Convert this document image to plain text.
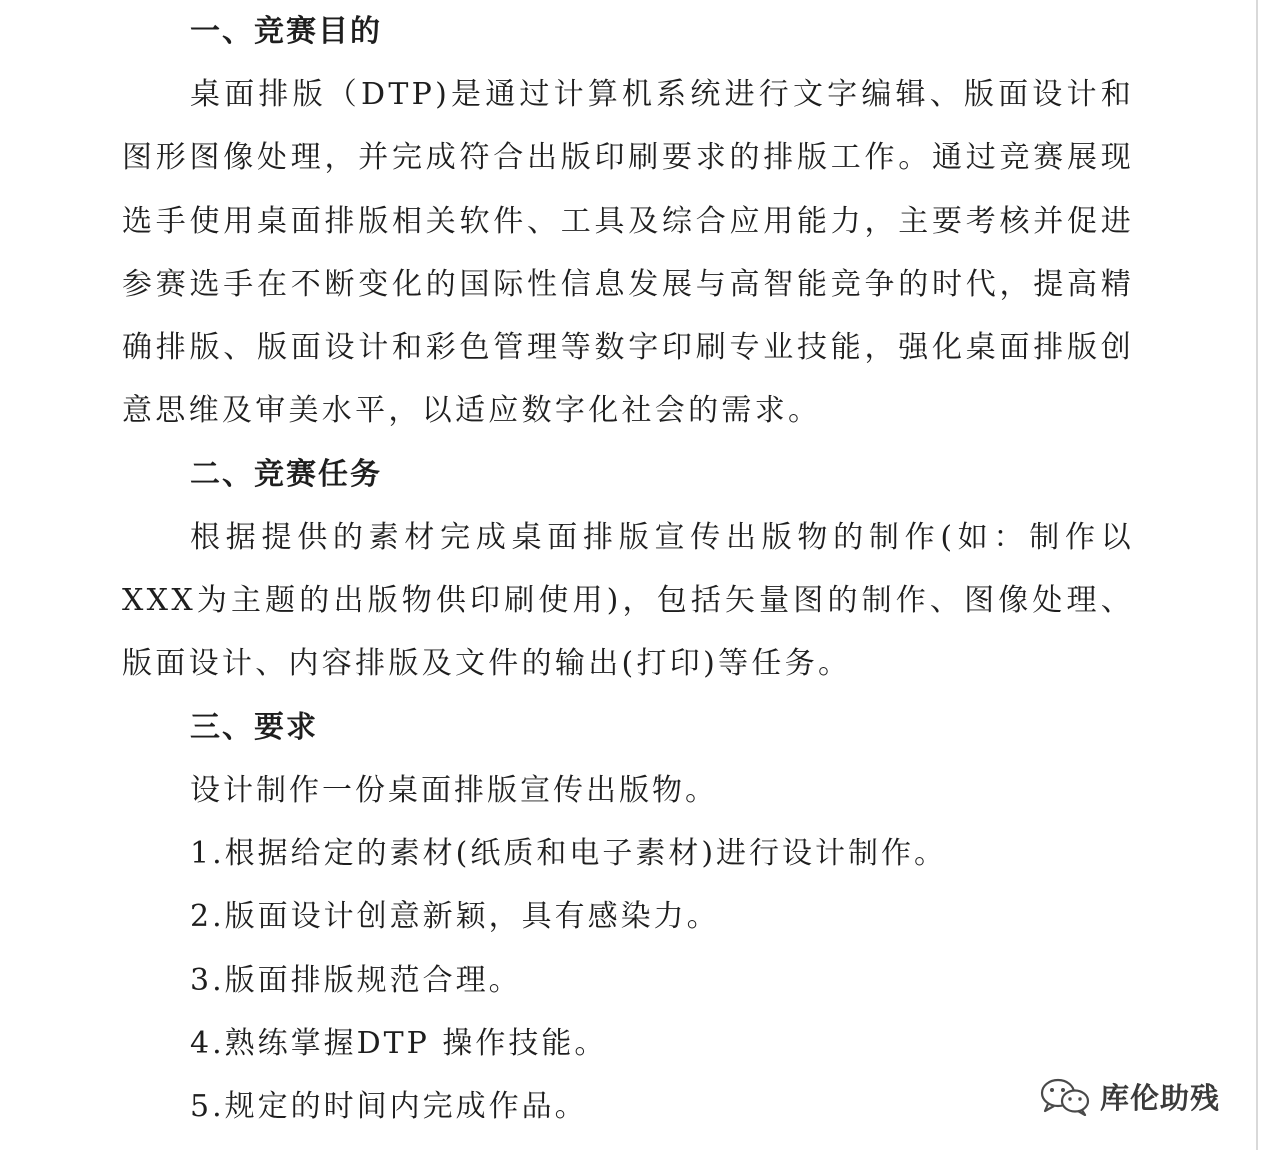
一、竞赛目的

桌面排版（DTP)是通过计算机系统进行文字编辑、版面设计和图形图像处理，并完成符合出版印刷要求的排版工作。通过竞赛展现选手使用桌面排版相关软件、工具及综合应用能力，主要考核并促进参赛选手在不断变化的国际性信息发展与高智能竞争的时代，提高精确排版、版面设计和彩色管理等数字印刷专业技能，强化桌面排版创意思维及审美水平，以适应数字化社会的需求。

二、竞赛任务

根据提供的素材完成桌面排版宣传出版物的制作(如：制作以XXX为主题的出版物供印刷使用)，包括矢量图的制作、图像处理、版面设计、内容排版及文件的输出(打印)等任务。

三、要求

设计制作一份桌面排版宣传出版物。

1.根据给定的素材(纸质和电子素材)进行设计制作。

2.版面设计创意新颖，具有感染力。

3.版面排版规范合理。

4.熟练掌握DTP 操作技能。

5.规定的时间内完成作品。	库伦助残
